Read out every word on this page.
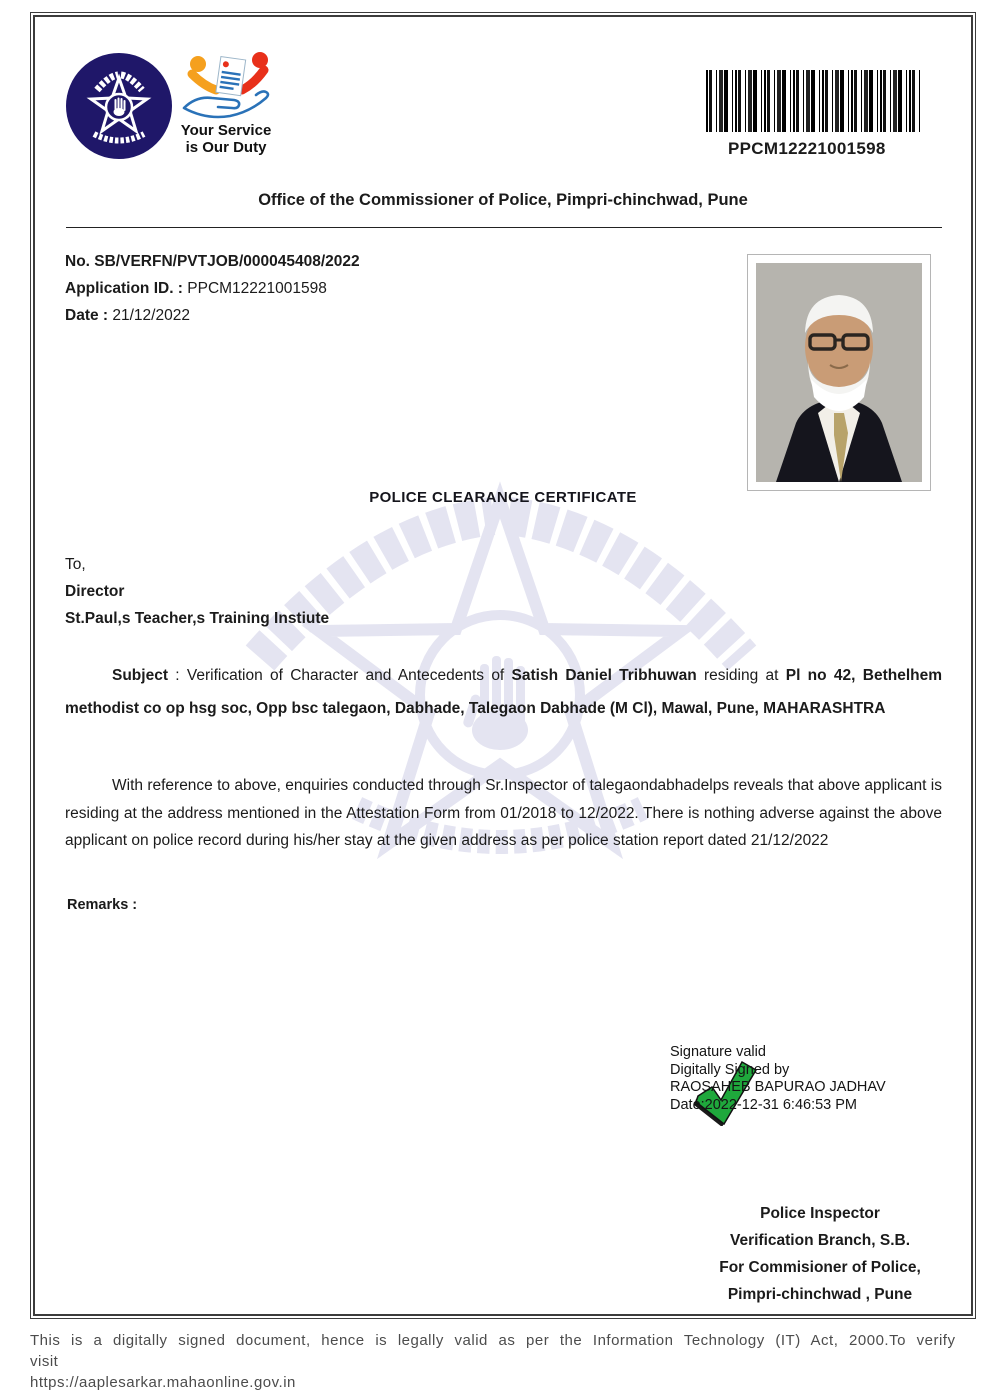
Your Service
is Our Duty	PPCM12221001598
Office of the Commissioner of Police, Pimpri-chinchwad, Pune
No. SB/VERFN/PVTJOB/000045408/2022
Application ID. : PPCM12221001598
Date : 21/12/2022
POLICE CLEARANCE CERTIFICATE
To,
Director
St.Paul,s Teacher,s Training Instiute

Subject : Verification of Character and Antecedents of Satish Daniel Tribhuwan residing at Pl no 42, Bethelhem methodist co op hsg soc, Opp bsc talegaon, Dabhade, Talegaon Dabhade (M Cl), Mawal, Pune, MAHARASHTRA

With reference to above, enquiries conducted through Sr.Inspector of talegaondabhadelps reveals that above applicant is residing at the address mentioned in the Attestation Form from 01/2018 to 12/2022. There is nothing adverse against the above applicant on police record during his/her stay at the given address as per police station report dated 21/12/2022

Remarks :
Signature valid
Digitally Signed by
RAOSAHEB BAPURAO JADHAV
Date:2022-12-31 6:46:53 PM
Police Inspector
Verification Branch, S.B.
For Commisioner of Police,
Pimpri-chinchwad , Pune
This is a digitally signed document, hence is legally valid as per the Information Technology (IT) Act, 2000.To verify visit
https://aaplesarkar.mahaonline.gov.in
